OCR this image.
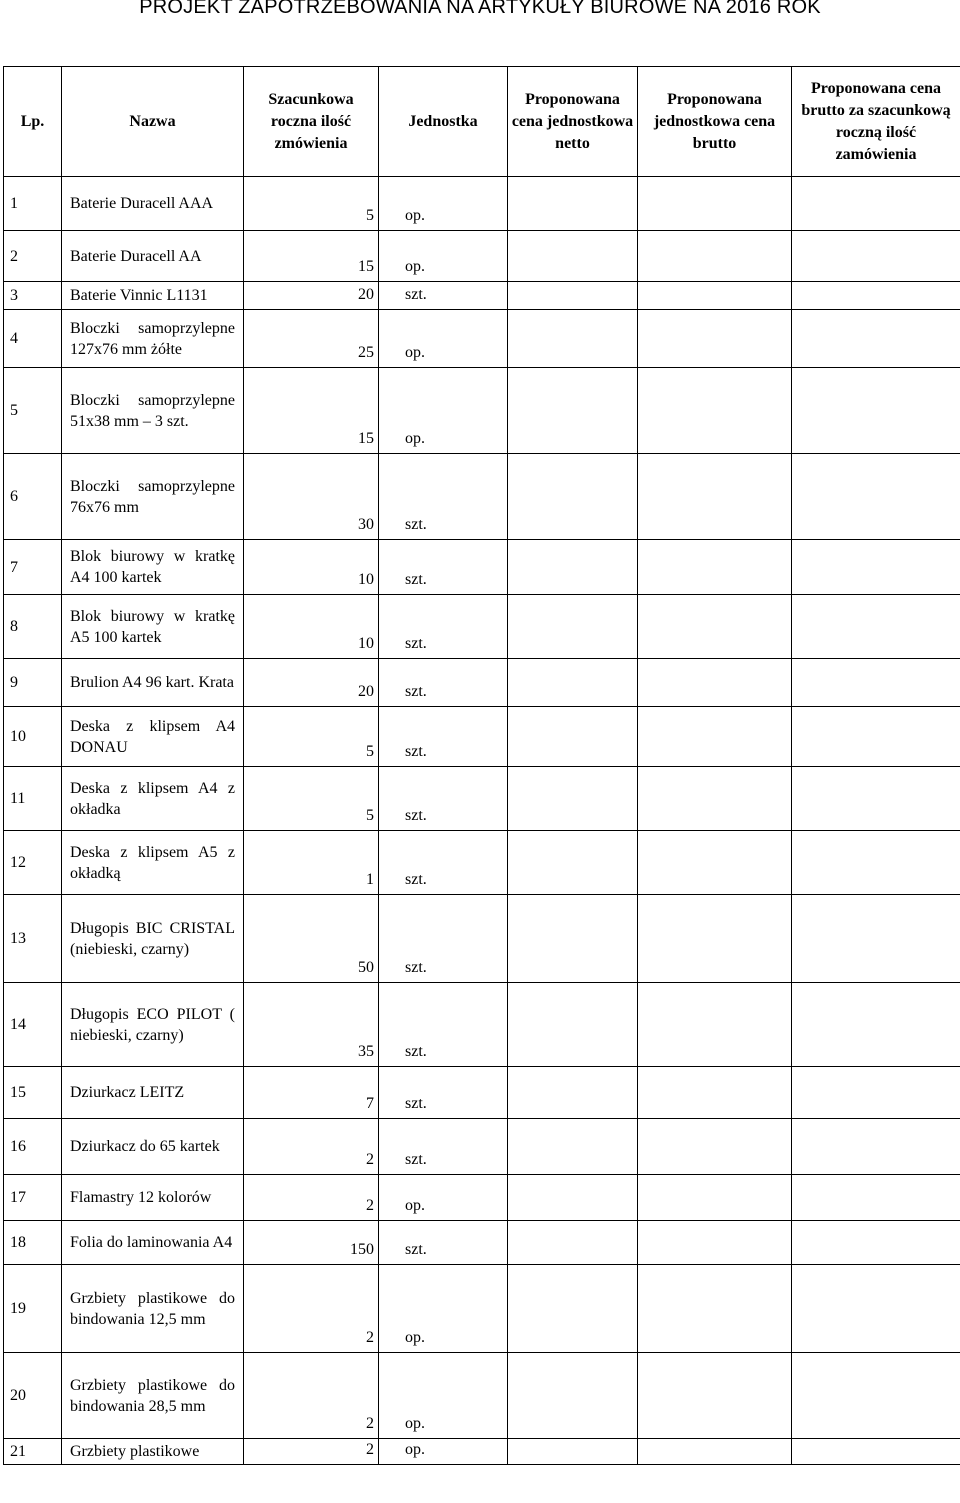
PROJEKT ZAPOTRZEBOWANIA NA ARTYKUŁY BIUROWE NA 2016 ROK
Lp.	Nazwa	Szacunkowa roczna ilość zmówienia	Jednostka	Proponowana cena jednostkowa netto	Proponowana jednostkowa cena brutto	Proponowana cena brutto za szacunkową roczną ilość zamówienia
1	Baterie Duracell AAA	5	op.			
2	Baterie Duracell AA	15	op.			
3	Baterie Vinnic L1131	20	szt.			
4	Bloczki samoprzylepne 127x76 mm żółte	25	op.			
5	Bloczki samoprzylepne 51x38 mm – 3 szt.	15	op.			
6	Bloczki samoprzylepne 76x76 mm	30	szt.			
7	Blok biurowy w kratkę A4 100 kartek	10	szt.			
8	Blok biurowy w kratkę A5 100 kartek	10	szt.			
9	Brulion A4 96 kart. Krata	20	szt.			
10	Deska z klipsem A4 DONAU	5	szt.			
11	Deska z klipsem A4 z okładka	5	szt.			
12	Deska z klipsem A5 z okładką	1	szt.			
13	Długopis BIC CRISTAL (niebieski, czarny)	50	szt.			
14	Długopis ECO PILOT ( niebieski, czarny)	35	szt.			
15	Dziurkacz LEITZ	7	szt.			
16	Dziurkacz do 65 kartek	2	szt.			
17	Flamastry 12 kolorów	2	op.			
18	Folia do laminowania A4	150	szt.			
19	Grzbiety plastikowe do bindowania 12,5 mm	2	op.			
20	Grzbiety plastikowe do bindowania 28,5 mm	2	op.			
21	Grzbiety plastikowe	2	op.			
